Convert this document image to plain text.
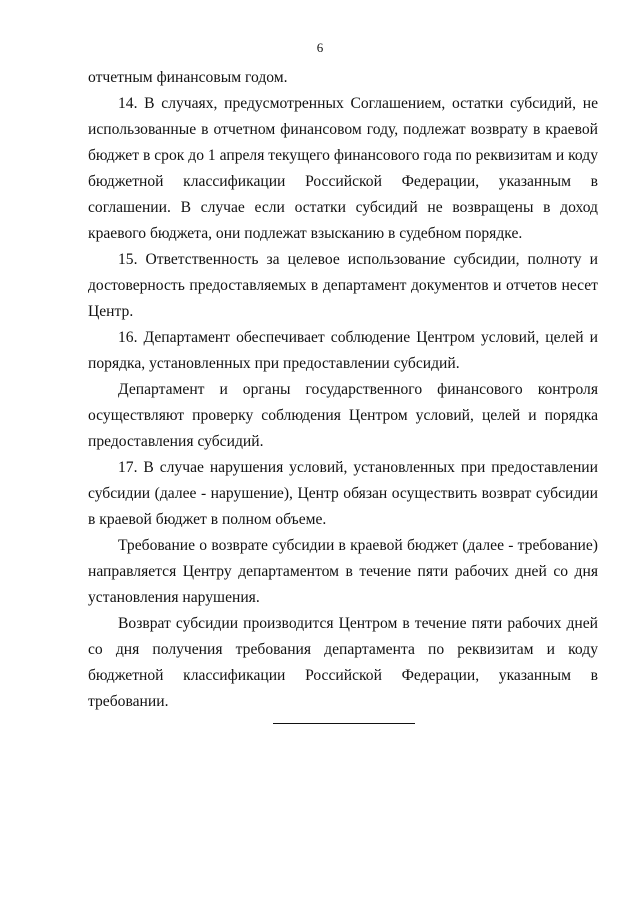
6

отчетным финансовым годом.

14. В случаях, предусмотренных Соглашением, остатки субсидий, не использованные в отчетном финансовом году, подлежат возврату в краевой бюджет в срок до 1 апреля текущего финансового года по реквизитам и коду бюджетной классификации Российской Федерации, указанным в соглашении. В случае если остатки субсидий не возвращены в доход краевого бюджета, они подлежат взысканию в судебном порядке.

15. Ответственность за целевое использование субсидии, полноту и достоверность предоставляемых в департамент документов и отчетов несет Центр.

16. Департамент обеспечивает соблюдение Центром условий, целей и порядка, установленных при предоставлении субсидий.

Департамент и органы государственного финансового контроля осуществляют проверку соблюдения Центром условий, целей и порядка предоставления субсидий.

17. В случае нарушения условий, установленных при предоставлении субсидии (далее - нарушение), Центр обязан осуществить возврат субсидии в краевой бюджет в полном объеме.

Требование о возврате субсидии в краевой бюджет (далее - требование) направляется Центру департаментом в течение пяти рабочих дней со дня установления нарушения.

Возврат субсидии производится Центром в течение пяти рабочих дней со дня получения требования департамента по реквизитам и коду бюджетной классификации Российской Федерации, указанным в требовании.
